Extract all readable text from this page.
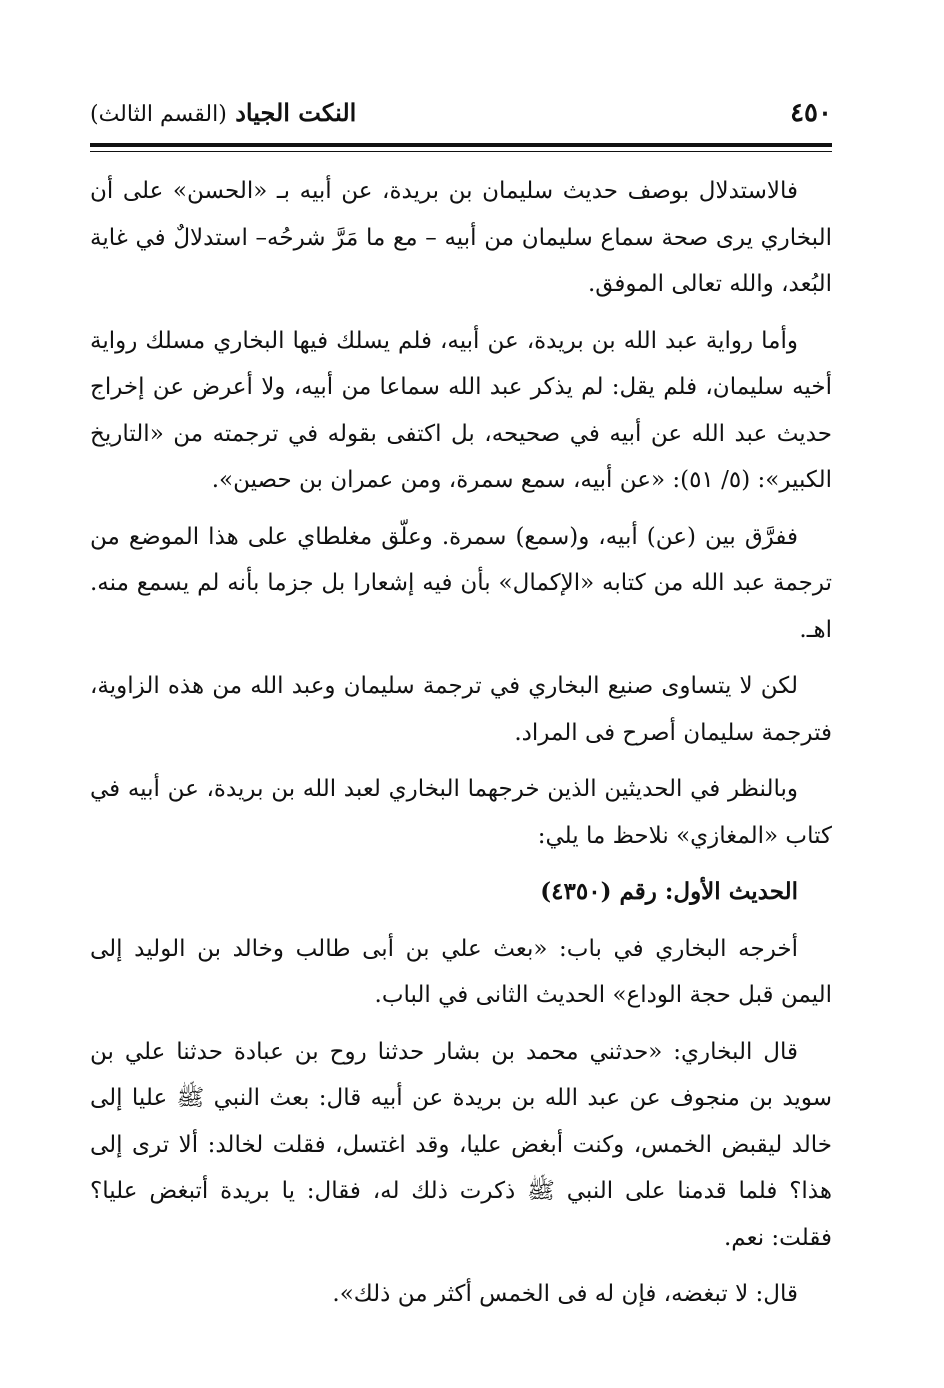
٤٥٠
النكت الجياد (القسم الثالث)

فالاستدلال بوصف حديث سليمان بن بريدة، عن أبيه بـ «الحسن» على أن البخاري يرى صحة سماع سليمان من أبيه – مع ما مَرَّ شرحُه– استدلالٌ في غاية البُعد، والله تعالى الموفق.

وأما رواية عبد الله بن بريدة، عن أبيه، فلم يسلك فيها البخاري مسلك رواية أخيه سليمان، فلم يقل: لم يذكر عبد الله سماعا من أبيه، ولا أعرض عن إخراج حديث عبد الله عن أبيه في صحيحه، بل اكتفى بقوله في ترجمته من «التاريخ الكبير»: (٥/ ٥١): «عن أبيه، سمع سمرة، ومن عمران بن حصين».

ففرَّق بين (عن) أبيه، و(سمع) سمرة. وعلّق مغلطاي على هذا الموضع من ترجمة عبد الله من كتابه «الإكمال» بأن فيه إشعارا بل جزما بأنه لم يسمع منه. اهـ.

لكن لا يتساوى صنيع البخاري في ترجمة سليمان وعبد الله من هذه الزاوية، فترجمة سليمان أصرح فى المراد.

وبالنظر في الحديثين الذين خرجهما البخاري لعبد الله بن بريدة، عن أبيه في كتاب «المغازي» نلاحظ ما يلي:

الحديث الأول: رقم (٤٣٥٠)

أخرجه البخاري في باب: «بعث علي بن أبى طالب وخالد بن الوليد إلى اليمن قبل حجة الوداع» الحديث الثانى في الباب.

قال البخاري: «حدثني محمد بن بشار حدثنا روح بن عبادة حدثنا علي بن سويد بن منجوف عن عبد الله بن بريدة عن أبيه قال: بعث النبي ﷺ عليا إلى خالد ليقبض الخمس، وكنت أبغض عليا، وقد اغتسل، فقلت لخالد: ألا ترى إلى هذا؟ فلما قدمنا على النبي ﷺ ذكرت ذلك له، فقال: يا بريدة أتبغض عليا؟ فقلت: نعم.

قال: لا تبغضه، فإن له فى الخمس أكثر من ذلك».
